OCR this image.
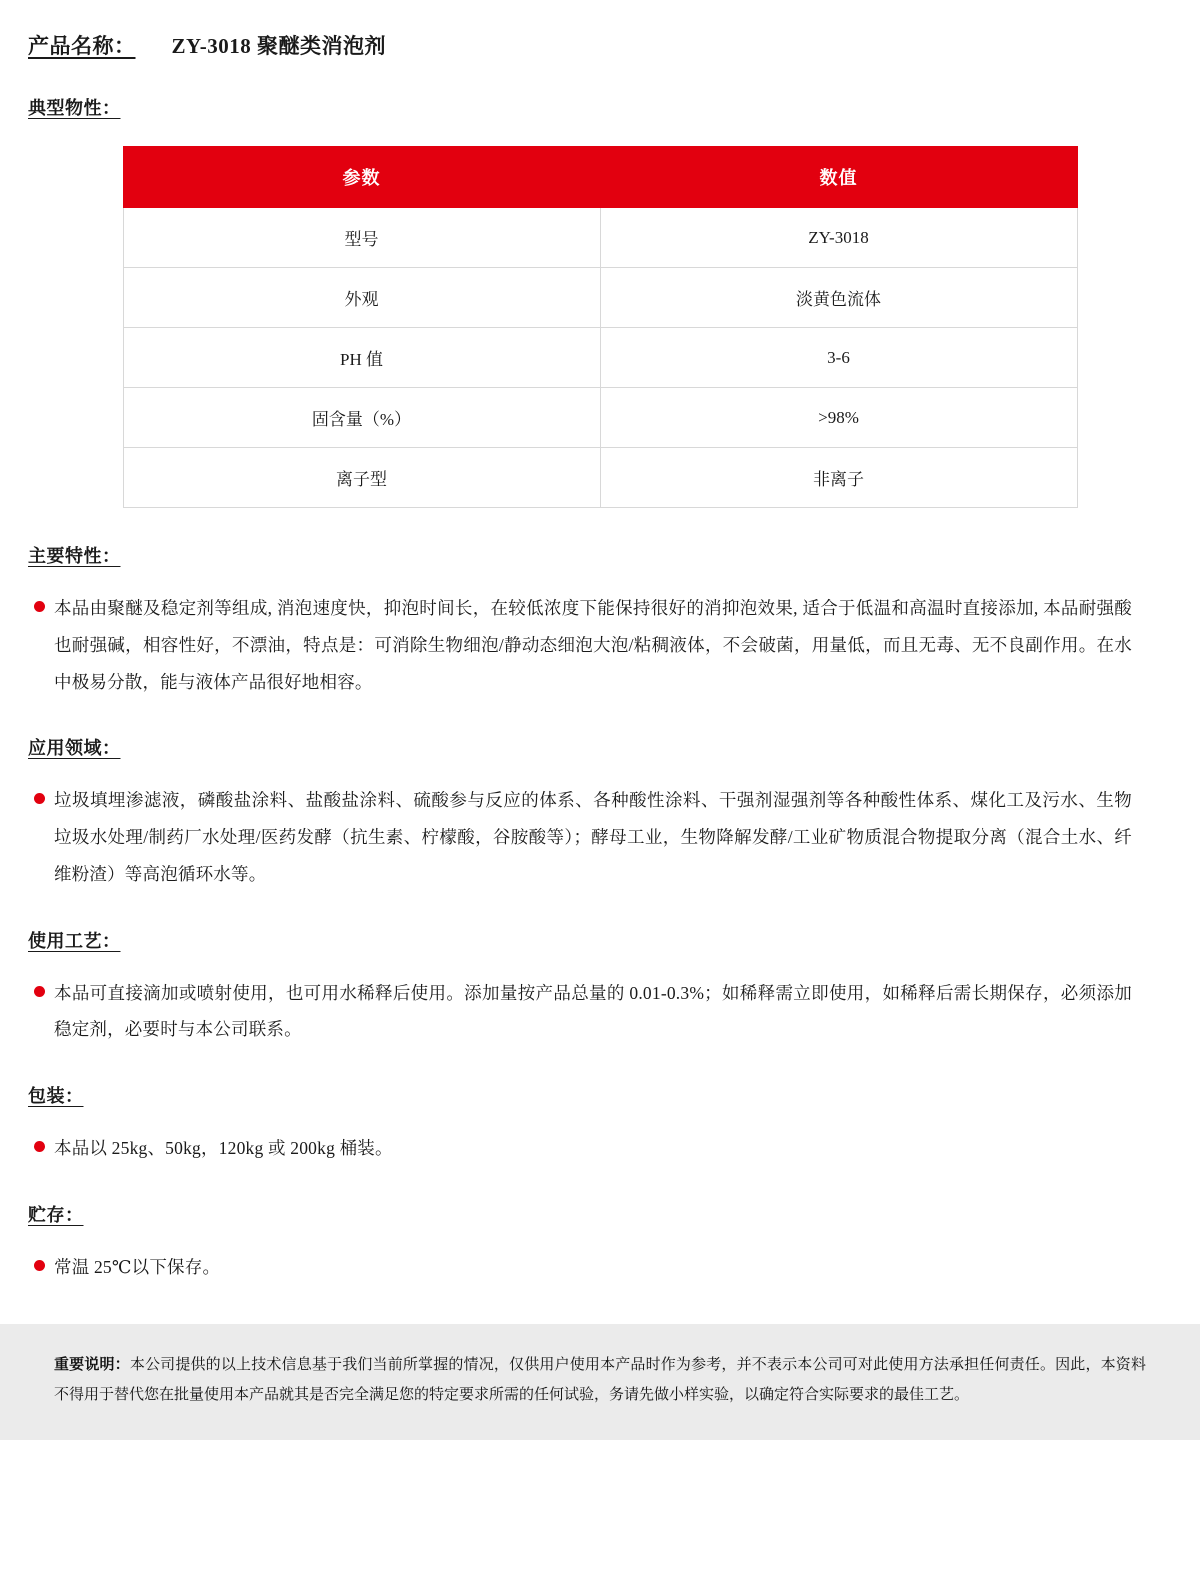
产品名称： ZY-3018 聚醚类消泡剂
典型物性：
参数	数值
型号	ZY-3018
外观	淡黄色流体
PH 值	3-6
固含量（%）	>98%
离子型	非离子
主要特性：
本品由聚醚及稳定剂等组成, 消泡速度快，抑泡时间长，在较低浓度下能保持很好的消抑泡效果, 适合于低温和高温时直接添加, 本品耐强酸也耐强碱，相容性好，不漂油，特点是：可消除生物细泡/静动态细泡大泡/粘稠液体，不会破菌，用量低，而且无毒、无不良副作用。在水中极易分散，能与液体产品很好地相容。
应用领域：
垃圾填埋渗滤液，磷酸盐涂料、盐酸盐涂料、硫酸参与反应的体系、各种酸性涂料、干强剂湿强剂等各种酸性体系、煤化工及污水、生物垃圾水处理/制药厂水处理/医药发酵（抗生素、柠檬酸，谷胺酸等）；酵母工业，生物降解发酵/工业矿物质混合物提取分离（混合土水、纤维粉渣）等高泡循环水等。
使用工艺：
本品可直接滴加或喷射使用，也可用水稀释后使用。添加量按产品总量的 0.01-0.3%；如稀释需立即使用，如稀释后需长期保存，必须添加稳定剂，必要时与本公司联系。
包装：
本品以 25kg、50kg，120kg 或 200kg 桶装。
贮存：
常温 25℃以下保存。

重要说明：本公司提供的以上技术信息基于我们当前所掌握的情况，仅供用户使用本产品时作为参考，并不表示本公司可对此使用方法承担任何责任。因此，本资料不得用于替代您在批量使用本产品就其是否完全满足您的特定要求所需的任何试验，务请先做小样实验，以确定符合实际要求的最佳工艺。
